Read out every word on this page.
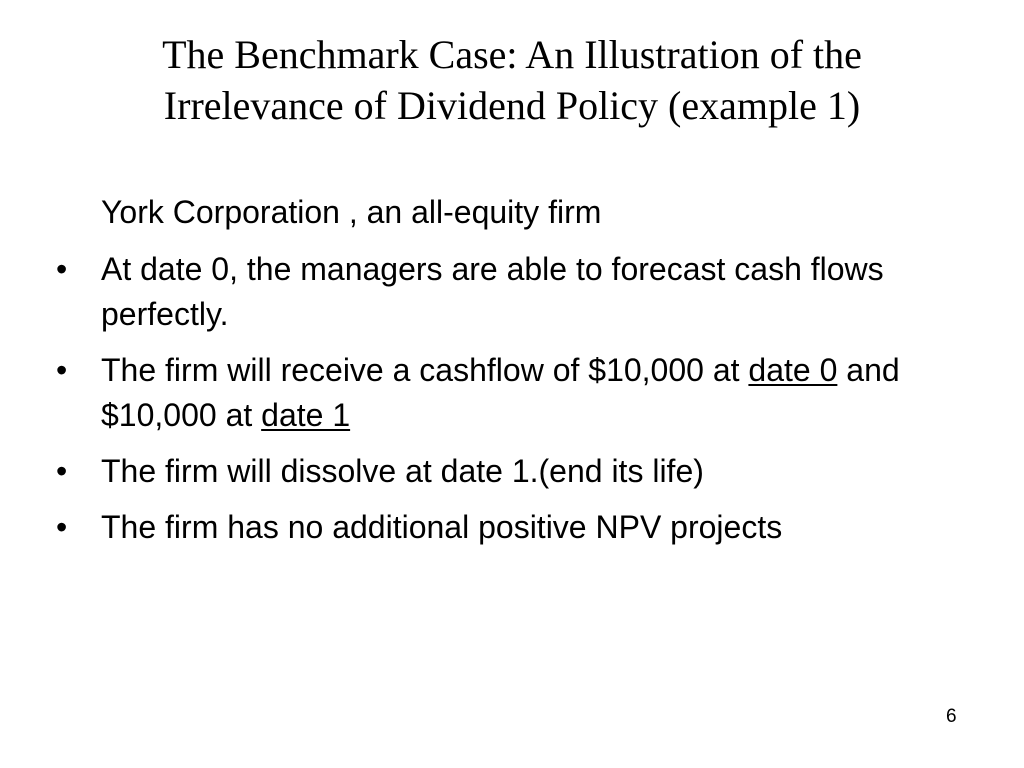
The Benchmark Case: An Illustration of the
Irrelevance of Dividend Policy (example 1)

York Corporation , an all-equity firm

•	At date 0, the managers are able to forecast cash flows perfectly.
•	The firm will receive a cashflow of $10,000 at date 0 and $10,000 at date 1
•	The firm will dissolve at date 1.(end its life)
•	The firm has no additional positive NPV projects
6
